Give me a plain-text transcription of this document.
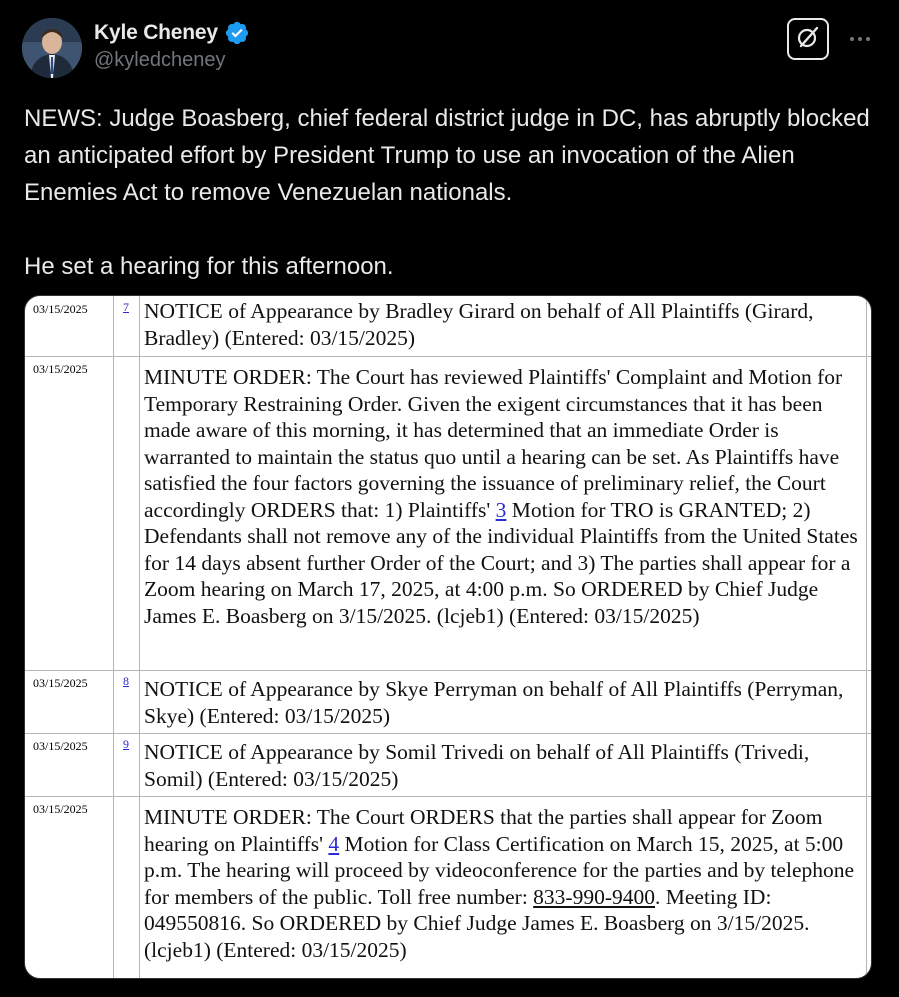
Kyle Cheney
@kyledcheney

NEWS: Judge Boasberg, chief federal district judge in DC, has abruptly blocked an anticipated effort by President Trump to use an invocation of the Alien Enemies Act to remove Venezuelan nationals.

He set a hearing for this afternoon.

03/15/2025	7 NOTICE of Appearance by Bradley Girard on behalf of All Plaintiffs (Girard, Bradley) (Entered: 03/15/2025)
03/15/2025	MINUTE ORDER: The Court has reviewed Plaintiffs' Complaint and Motion for Temporary Restraining Order. Given the exigent circumstances that it has been made aware of this morning, it has determined that an immediate Order is warranted to maintain the status quo until a hearing can be set. As Plaintiffs have satisfied the four factors governing the issuance of preliminary relief, the Court accordingly ORDERS that: 1) Plaintiffs' 3 Motion for TRO is GRANTED; 2) Defendants shall not remove any of the individual Plaintiffs from the United States for 14 days absent further Order of the Court; and 3) The parties shall appear for a Zoom hearing on March 17, 2025, at 4:00 p.m. So ORDERED by Chief Judge James E. Boasberg on 3/15/2025. (lcjeb1) (Entered: 03/15/2025)
03/15/2025	8 NOTICE of Appearance by Skye Perryman on behalf of All Plaintiffs (Perryman, Skye) (Entered: 03/15/2025)
03/15/2025	9 NOTICE of Appearance by Somil Trivedi on behalf of All Plaintiffs (Trivedi, Somil) (Entered: 03/15/2025)
03/15/2025	MINUTE ORDER: The Court ORDERS that the parties shall appear for Zoom hearing on Plaintiffs' 4 Motion for Class Certification on March 15, 2025, at 5:00 p.m. The hearing will proceed by videoconference for the parties and by telephone for members of the public. Toll free number: 833-990-9400. Meeting ID: 049550816. So ORDERED by Chief Judge James E. Boasberg on 3/15/2025. (lcjeb1) (Entered: 03/15/2025)
